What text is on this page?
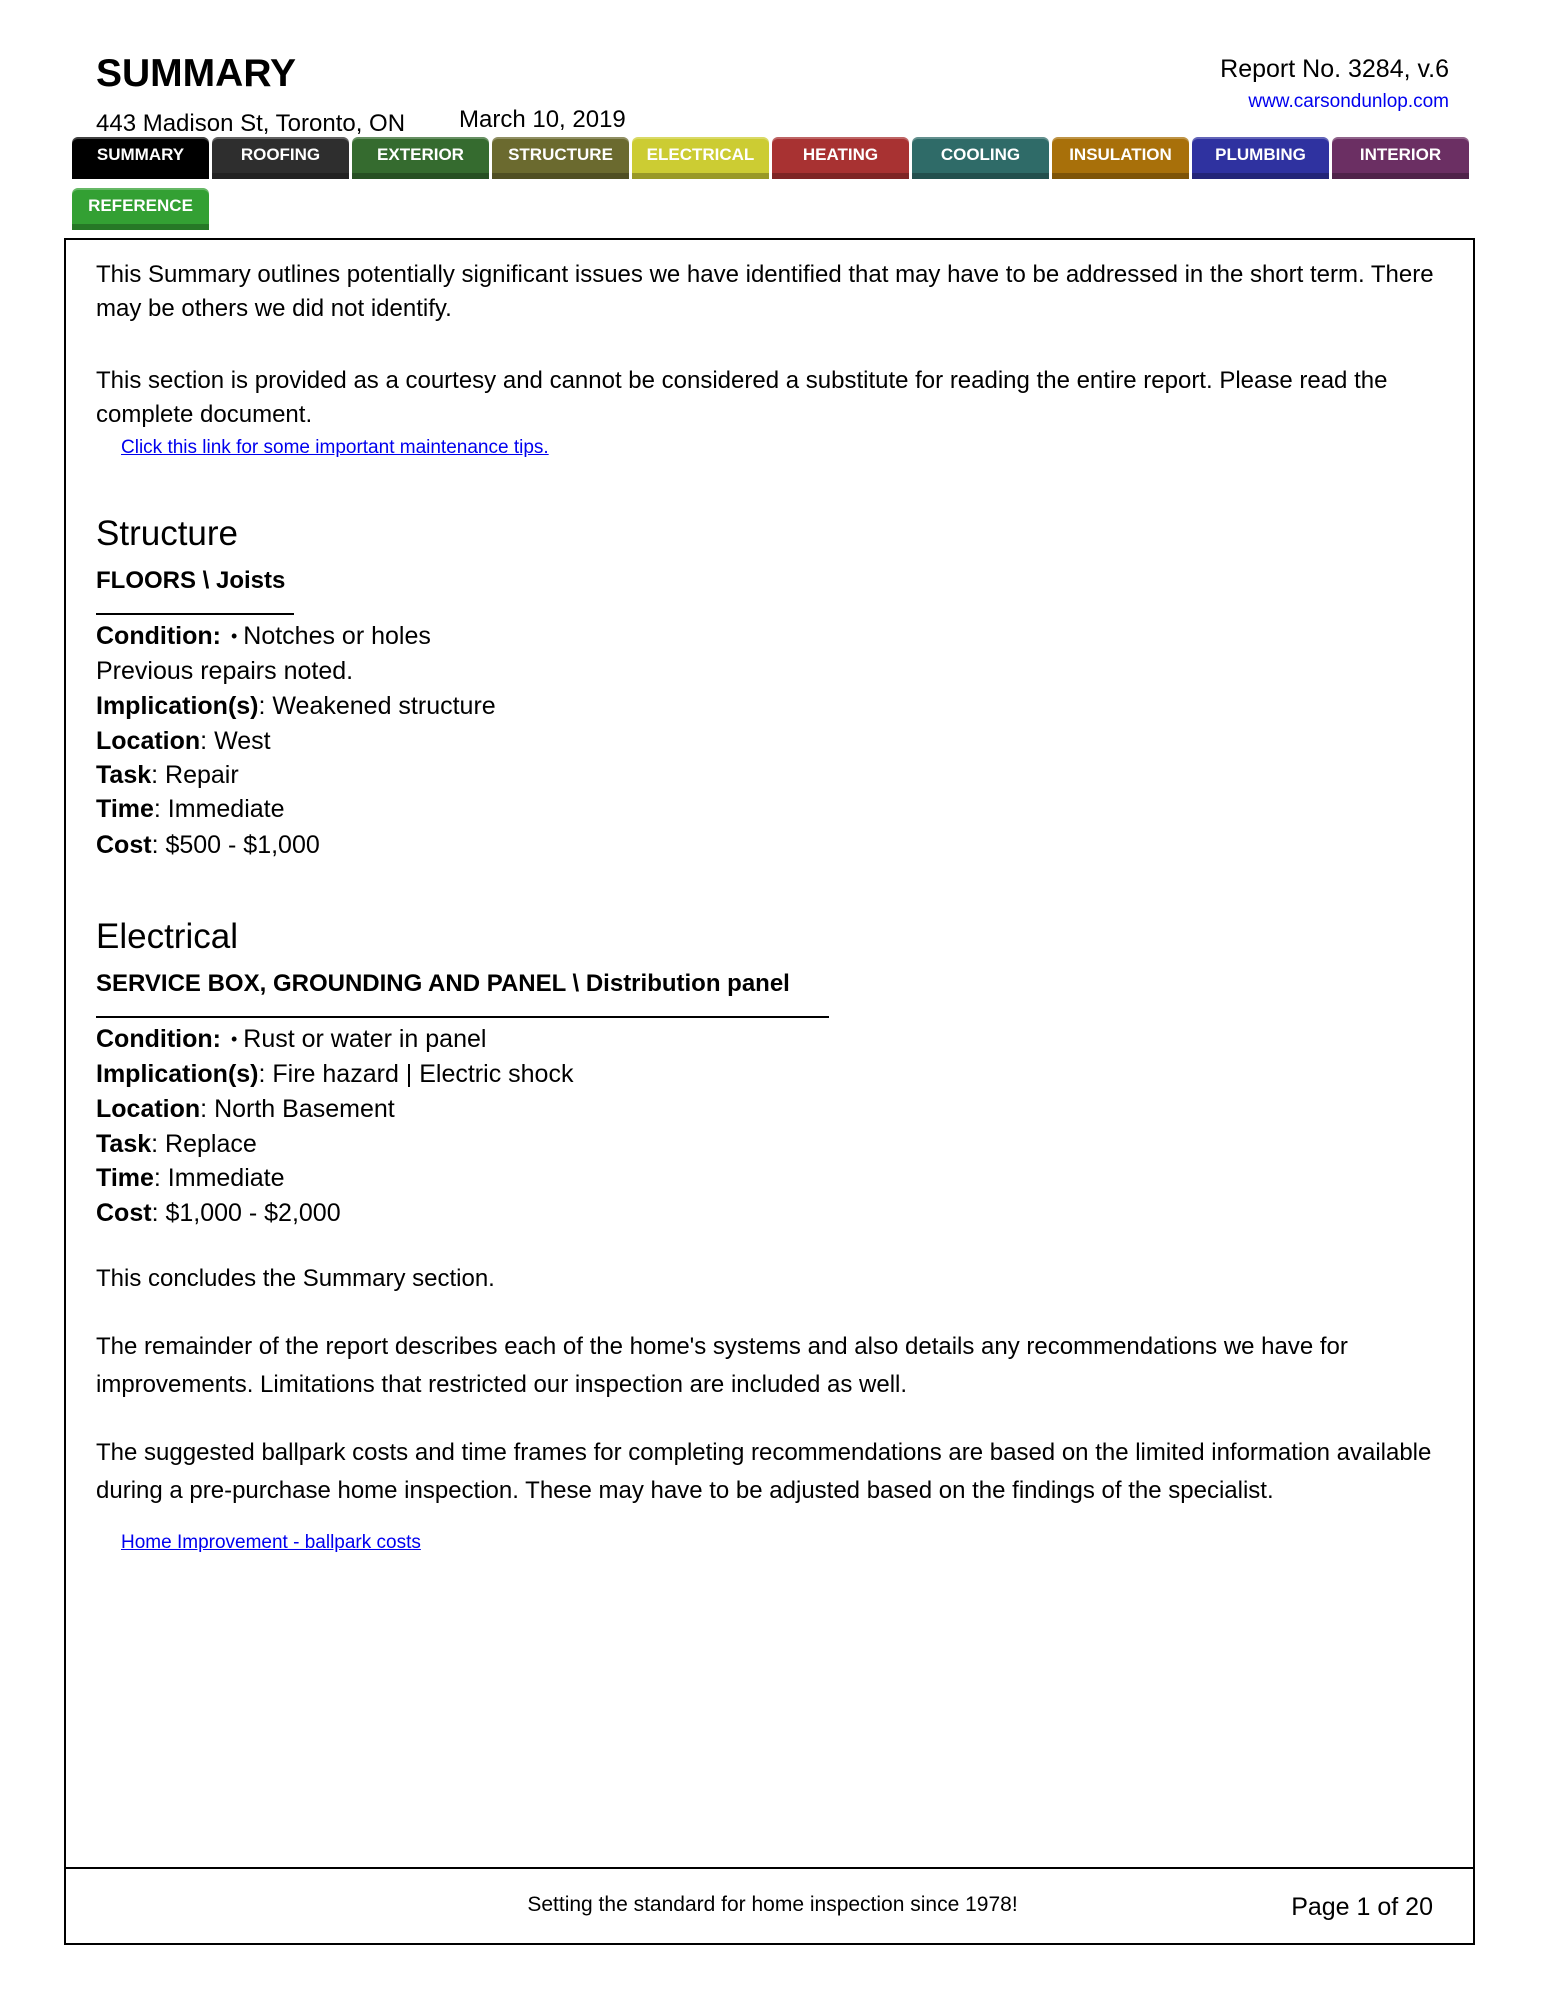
SUMMARY
443 Madison St, Toronto, ON March 10, 2019
Report No. 3284, v.6
www.carsondunlop.com
SUMMARY	ROOFING	EXTERIOR	STRUCTURE	ELECTRICAL	HEATING	COOLING	INSULATION	PLUMBING	INTERIOR
REFERENCE
This Summary outlines potentially significant issues we have identified that may have to be addressed in the short term. There may be others we did not identify.
This section is provided as a courtesy and cannot be considered a substitute for reading the entire report. Please read the complete document.
Click this link for some important maintenance tips.
Structure
FLOORS \ Joists
Condition: • Notches or holes
Previous repairs noted.
Implication(s): Weakened structure
Location: West
Task: Repair
Time: Immediate
Cost: $500 - $1,000
Electrical
SERVICE BOX, GROUNDING AND PANEL \ Distribution panel
Condition: • Rust or water in panel
Implication(s): Fire hazard | Electric shock
Location: North Basement
Task: Replace
Time: Immediate
Cost: $1,000 - $2,000
This concludes the Summary section.
The remainder of the report describes each of the home's systems and also details any recommendations we have for improvements. Limitations that restricted our inspection are included as well.
The suggested ballpark costs and time frames for completing recommendations are based on the limited information available during a pre-purchase home inspection. These may have to be adjusted based on the findings of the specialist.
Home Improvement - ballpark costs
Setting the standard for home inspection since 1978!	Page 1 of 20
